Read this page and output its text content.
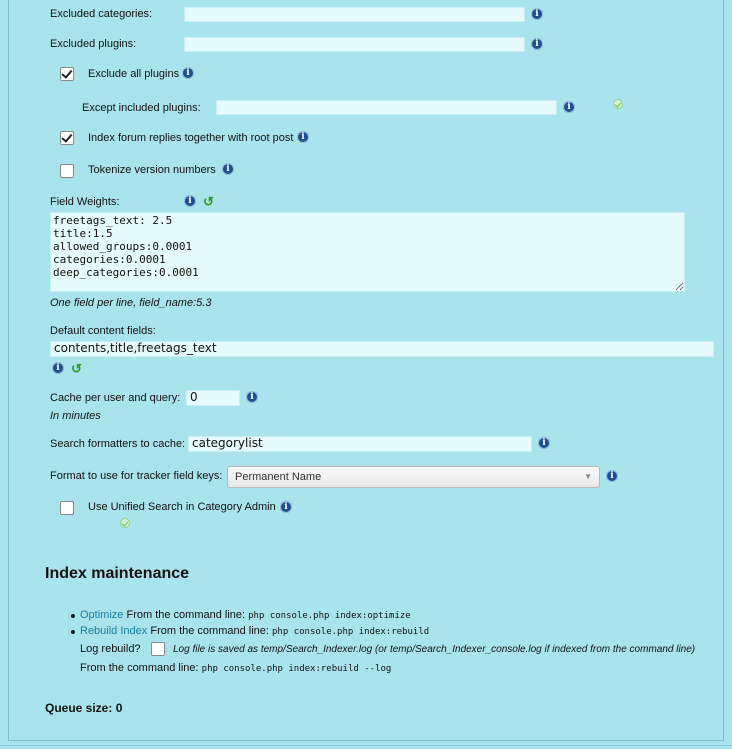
Excluded categories:	i
Excluded plugins:	i
Exclude all plugins i
Except included plugins:	i
Index forum replies together with root post i
Tokenize version numbers	i
Field Weights:	i ↺
freetags_text: 2.5 title:1.5 allowed_groups:0.0001 categories:0.0001 deep_categories:0.0001
One field per line, field_name:5.3
Default content fields:
contents,title,freetags_text
i ↺
Cache per user and query: 0	i
In minutes
Search formatters to cache: categorylist	i
Format to use for tracker field keys:	Permanent Name	▼	i
Use Unified Search in Category Admin i
Index maintenance
Optimize From the command line: php console.php index:optimize
Rebuild Index From the command line: php console.php index:rebuild
Log rebuild?	Log file is saved as temp/Search_Indexer.log (or temp/Search_Indexer_console.log if indexed from the command line)
From the command line: php console.php index:rebuild --log
Queue size: 0
